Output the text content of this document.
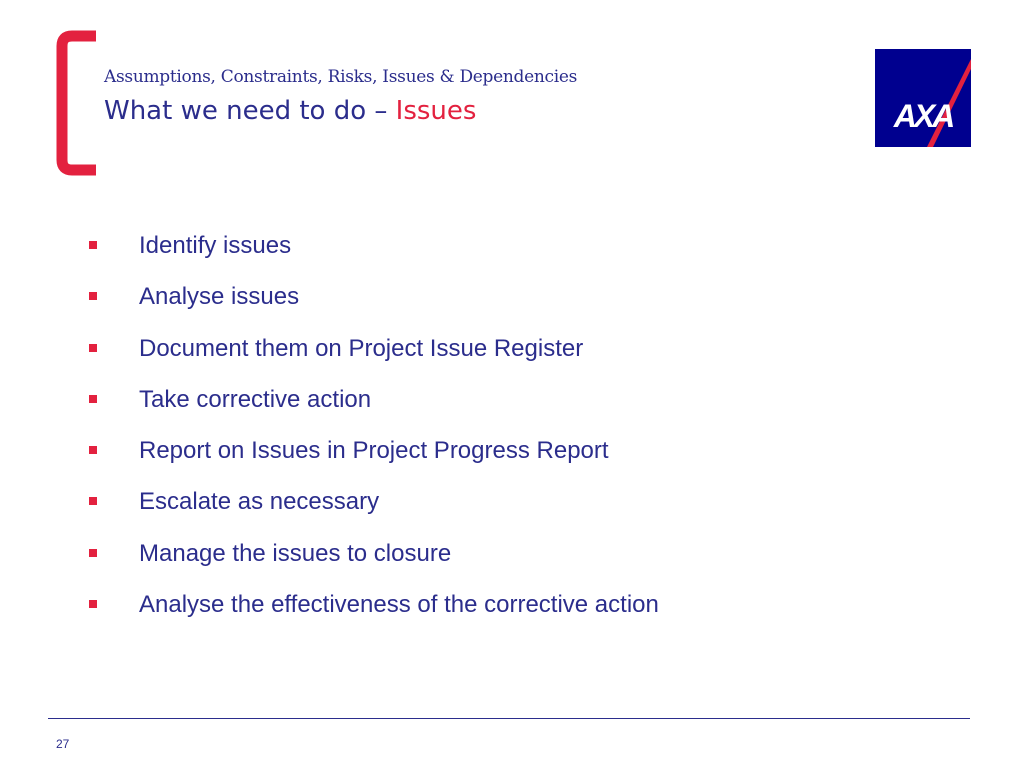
Assumptions, Constraints, Risks, Issues & Dependencies
What we need to do – Issues	AXA
Identify issues
Analyse issues
Document them on Project Issue Register
Take corrective action
Report on Issues in Project Progress Report
Escalate as necessary
Manage the issues to closure
Analyse the effectiveness of the corrective action
27
